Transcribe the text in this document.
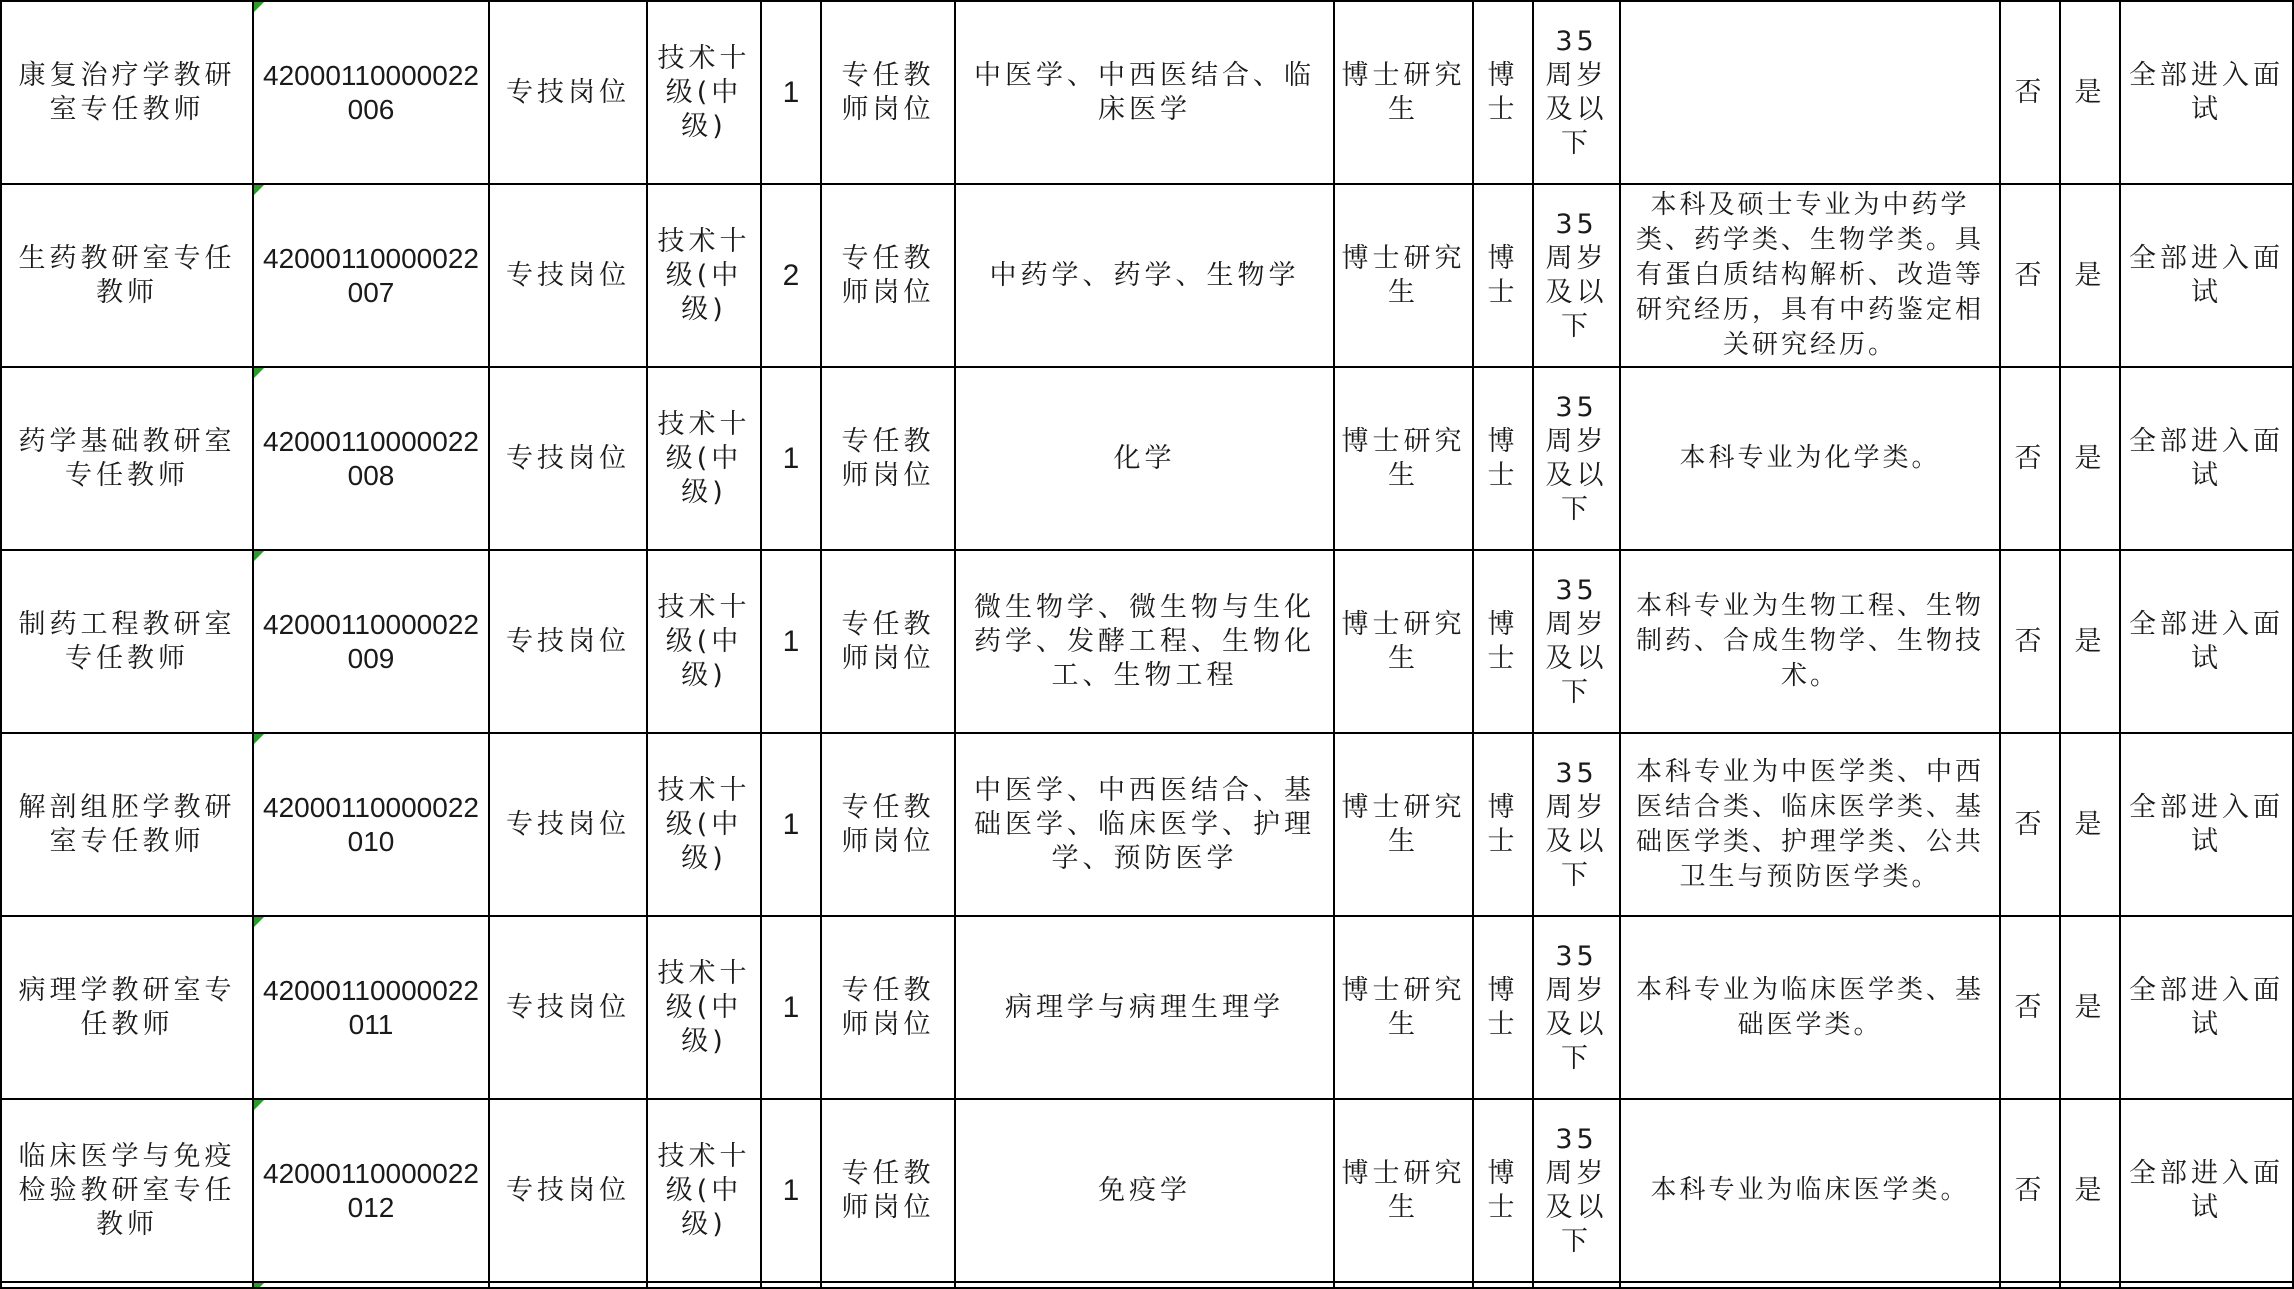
康复治疗学教研室专任教师	42000110000022006	专技岗位	技术十级(中级)	1	专任教师岗位	中医学、中西医结合、临床医学	博士研究生	博士	35周岁及以下		否	是	全部进入面试
生药教研室专任教师	42000110000022007	专技岗位	技术十级(中级)	2	专任教师岗位	中药学、药学、生物学	博士研究生	博士	35周岁及以下	本科及硕士专业为中药学类、药学类、生物学类。具有蛋白质结构解析、改造等研究经历，具有中药鉴定相关研究经历。	否	是	全部进入面试
药学基础教研室专任教师	42000110000022008	专技岗位	技术十级(中级)	1	专任教师岗位	化学	博士研究生	博士	35周岁及以下	本科专业为化学类。	否	是	全部进入面试
制药工程教研室专任教师	42000110000022009	专技岗位	技术十级(中级)	1	专任教师岗位	微生物学、微生物与生化药学、发酵工程、生物化工、生物工程	博士研究生	博士	35周岁及以下	本科专业为生物工程、生物制药、合成生物学、生物技术。	否	是	全部进入面试
解剖组胚学教研室专任教师	42000110000022010	专技岗位	技术十级(中级)	1	专任教师岗位	中医学、中西医结合、基础医学、临床医学、护理学、预防医学	博士研究生	博士	35周岁及以下	本科专业为中医学类、中西医结合类、临床医学类、基础医学类、护理学类、公共卫生与预防医学类。	否	是	全部进入面试
病理学教研室专任教师	42000110000022011	专技岗位	技术十级(中级)	1	专任教师岗位	病理学与病理生理学	博士研究生	博士	35周岁及以下	本科专业为临床医学类、基础医学类。	否	是	全部进入面试
临床医学与免疫检验教研室专任教师	42000110000022012	专技岗位	技术十级(中级)	1	专任教师岗位	免疫学	博士研究生	博士	35周岁及以下	本科专业为临床医学类。	否	是	全部进入面试
